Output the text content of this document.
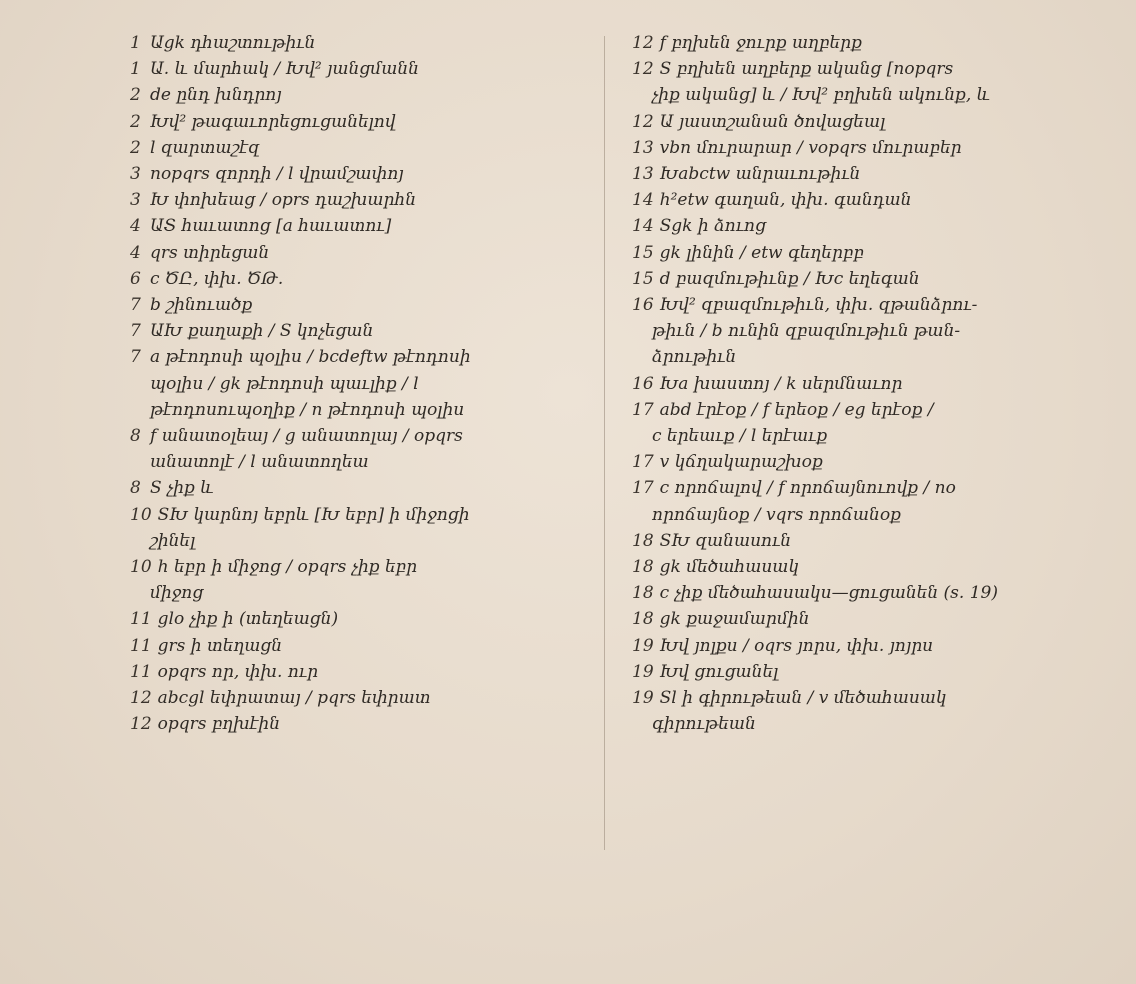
1 Աgk դհաշտութիւն
1 Ա. և մարհակ / Խվ² յանցմանն
2 de ընդ խնդրոյ
2 Խվ² թագաւորեցուցանելով
2 l զարտաշէզ
3 nopqrs զորդի / l վրամշափոյ
3 Խ փոխեաց / oprs դաշխարհն
4 ԱՏ հաւատոց [a հաւատու]
4 qrs տիրեցան
6 c ԾԸ, փխ. ԾԹ.
7 b շինուածք
7 ԱԽ քաղաքի / S կոչեցան
7 a թէոդոսի պօլիս / bcdeftw թէոդոսի
պօլիս / gk թէոդոսի պաւլիք / l
թէոդոսուպօղիք / n թէոդոսի պօլիս
8 f անատօլեայ / g անատոլայ / opqrs
անատոլէ / l անատողեա
8 S չիք և
10 SԽ կարնոյ եբրև [Խ եբր] ի միջոցի
շինել
10 h եբր ի միջոց / opqrs չիք եբր
միջոց
11 glo չիք ի (տեղեացն)
11 grs ի տեղացն
11 opqrs որ, փխ. ուր
12 abcgl եփրատայ / pqrs եփրատ
12 opqrs բղխէին
12 f բղխեն ջուրք աղբերք
12 S բղխեն աղբերք ականց [nopqrs
չիք ականց] և / Խվ² բղխեն ակունք, և
12 Ա յաստշանան ծովացեալ
13 vbn մուրարար / vopqrs մուրաբեր
13 Խabctw անրաւութիւն
14 h²etw գաղան, փխ. գանդան
14 Sgk ի ձուոց
15 gk լինին / etw գեղերբբ
15 d բազմութիւնք / Խc եղեգան
16 Խվ² զբազմութիւն, փխ. զթանձրու-
թիւն / b ունին զբազմութիւն թան-
ձրութիւն
16 Խa խաստոյ / k սերմնաւոր
17 abd էրէօք / f երեօք / eg երէօք /
c երեաւք / l երէաւք
17 v կճղակարաշխօք
17 c որոճալով / f որոճայնուովք / no
որոճայնօք / vqrs որոճանօք
18 SԽ զանասուն
18 gk մեծահասակ
18 c չիք մեծահասակս—ցուցանեն (s. 19)
18 gk քաջամարմին
19 Խվ յոլքս / oqrs յորս, փխ. յոյրս
19 Խվ ցուցանել
19 Sl ի գիրութեան / v մեծահասակ
գիրութեան
